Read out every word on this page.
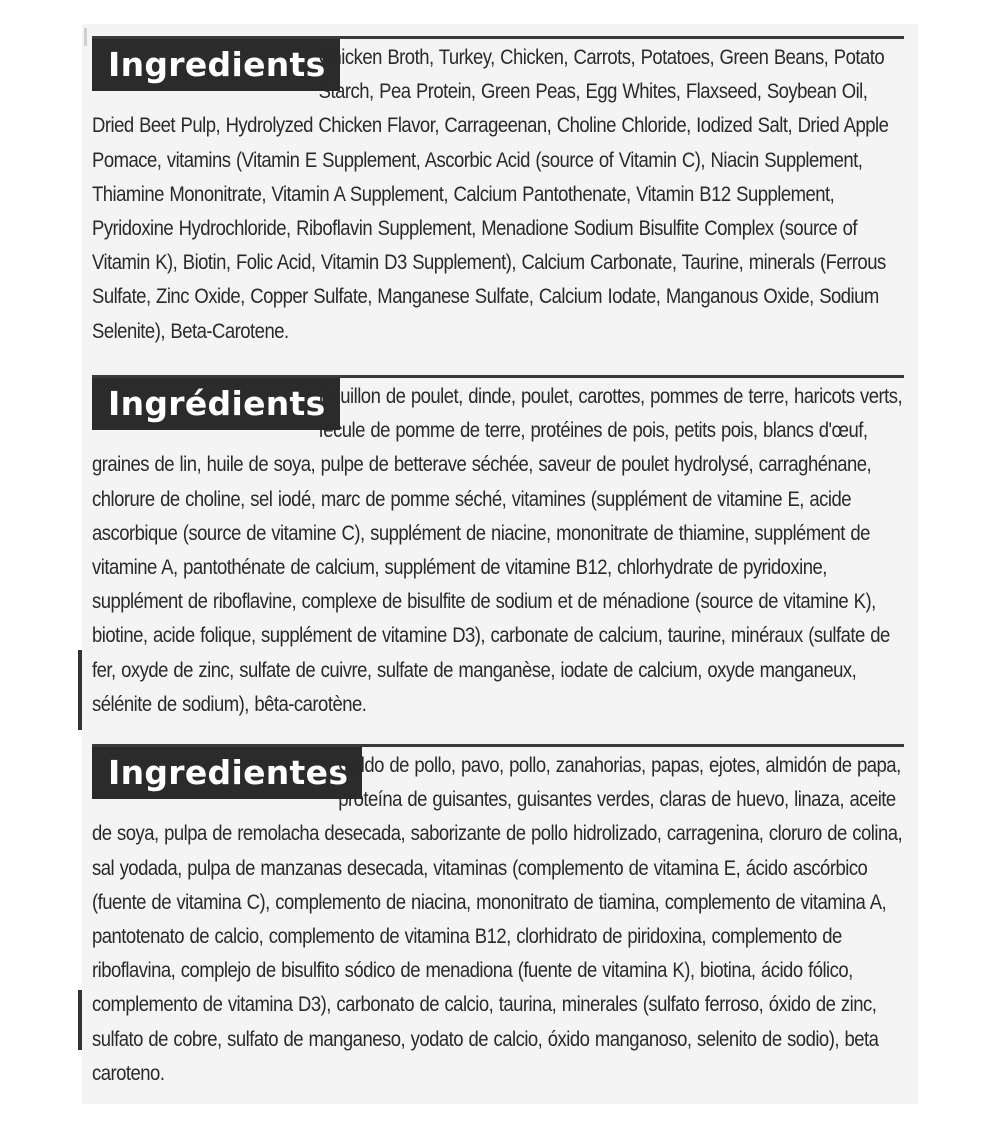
Ingredients
Chicken Broth, Turkey, Chicken, Carrots, Potatoes, Green Beans, Potato Starch, Pea Protein, Green Peas, Egg Whites, Flaxseed, Soybean Oil, Dried Beet Pulp, Hydrolyzed Chicken Flavor, Carrageenan, Choline Chloride, Iodized Salt, Dried Apple Pomace, vitamins (Vitamin E Supplement, Ascorbic Acid (source of Vitamin C), Niacin Supplement, Thiamine Mononitrate, Vitamin A Supplement, Calcium Pantothenate, Vitamin B12 Supplement, Pyridoxine Hydrochloride, Riboflavin Supplement, Menadione Sodium Bisulfite Complex (source of Vitamin K), Biotin, Folic Acid, Vitamin D3 Supplement), Calcium Carbonate, Taurine, minerals (Ferrous Sulfate, Zinc Oxide, Copper Sulfate, Manganese Sulfate, Calcium Iodate, Manganous Oxide, Sodium Selenite), Beta-Carotene.
Ingrédients
Bouillon de poulet, dinde, poulet, carottes, pommes de terre, haricots verts, fécule de pomme de terre, protéines de pois, petits pois, blancs d'œuf, graines de lin, huile de soya, pulpe de betterave séchée, saveur de poulet hydrolysé, carraghénane, chlorure de choline, sel iodé, marc de pomme séché, vitamines (supplément de vitamine E, acide ascorbique (source de vitamine C), supplément de niacine, mononitrate de thiamine, supplément de vitamine A, pantothénate de calcium, supplément de vitamine B12, chlorhydrate de pyridoxine, supplément de riboflavine, complexe de bisulfite de sodium et de ménadione (source de vitamine K), biotine, acide folique, supplément de vitamine D3), carbonate de calcium, taurine, minéraux (sulfate de fer, oxyde de zinc, sulfate de cuivre, sulfate de manganèse, iodate de calcium, oxyde manganeux, sélénite de sodium), bêta-carotène.
Ingredientes
Caldo de pollo, pavo, pollo, zanahorias, papas, ejotes, almidón de papa, proteína de guisantes, guisantes verdes, claras de huevo, linaza, aceite de soya, pulpa de remolacha desecada, saborizante de pollo hidrolizado, carragenina, cloruro de colina, sal yodada, pulpa de manzanas desecada, vitaminas (complemento de vitamina E, ácido ascórbico (fuente de vitamina C), complemento de niacina, mononitrato de tiamina, complemento de vitamina A, pantotenato de calcio, complemento de vitamina B12, clorhidrato de piridoxina, complemento de riboflavina, complejo de bisulfito sódico de menadiona (fuente de vitamina K), biotina, ácido fólico, complemento de vitamina D3), carbonato de calcio, taurina, minerales (sulfato ferroso, óxido de zinc, sulfato de cobre, sulfato de manganeso, yodato de calcio, óxido manganoso, selenito de sodio), beta caroteno.
